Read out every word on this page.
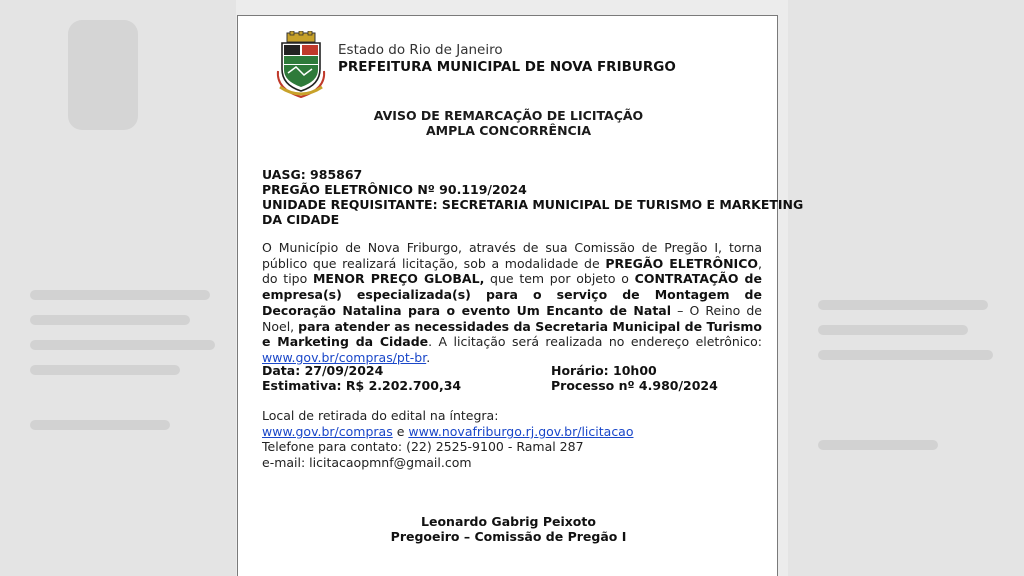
Estado do Rio de Janeiro
PREFEITURA MUNICIPAL DE NOVA FRIBURGO
AVISO DE REMARCAÇÃO DE LICITAÇÃO
AMPLA CONCORRÊNCIA
UASG: 985867
PREGÃO ELETRÔNICO Nº 90.119/2024
UNIDADE REQUISITANTE: SECRETARIA MUNICIPAL DE TURISMO E MARKETING
DA CIDADE
O Município de Nova Friburgo, através de sua Comissão de Pregão I, torna público que realizará licitação, sob a modalidade de PREGÃO ELETRÔNICO, do tipo MENOR PREÇO GLOBAL, que tem por objeto o CONTRATAÇÃO de empresa(s) especializada(s) para o serviço de Montagem de Decoração Natalina para o evento Um Encanto de Natal – O Reino de Noel, para atender as necessidades da Secretaria Municipal de Turismo e Marketing da Cidade. A licitação será realizada no endereço eletrônico: www.gov.br/compras/pt-br.
Data: 27/09/2024	Horário: 10h00
Estimativa: R$ 2.202.700,34	Processo nº 4.980/2024
Local de retirada do edital na íntegra:
www.gov.br/compras e www.novafriburgo.rj.gov.br/licitacao
Telefone para contato: (22) 2525-9100 - Ramal 287
e-mail: licitacaopmnf@gmail.com
Leonardo Gabrig Peixoto
Pregoeiro – Comissão de Pregão I
